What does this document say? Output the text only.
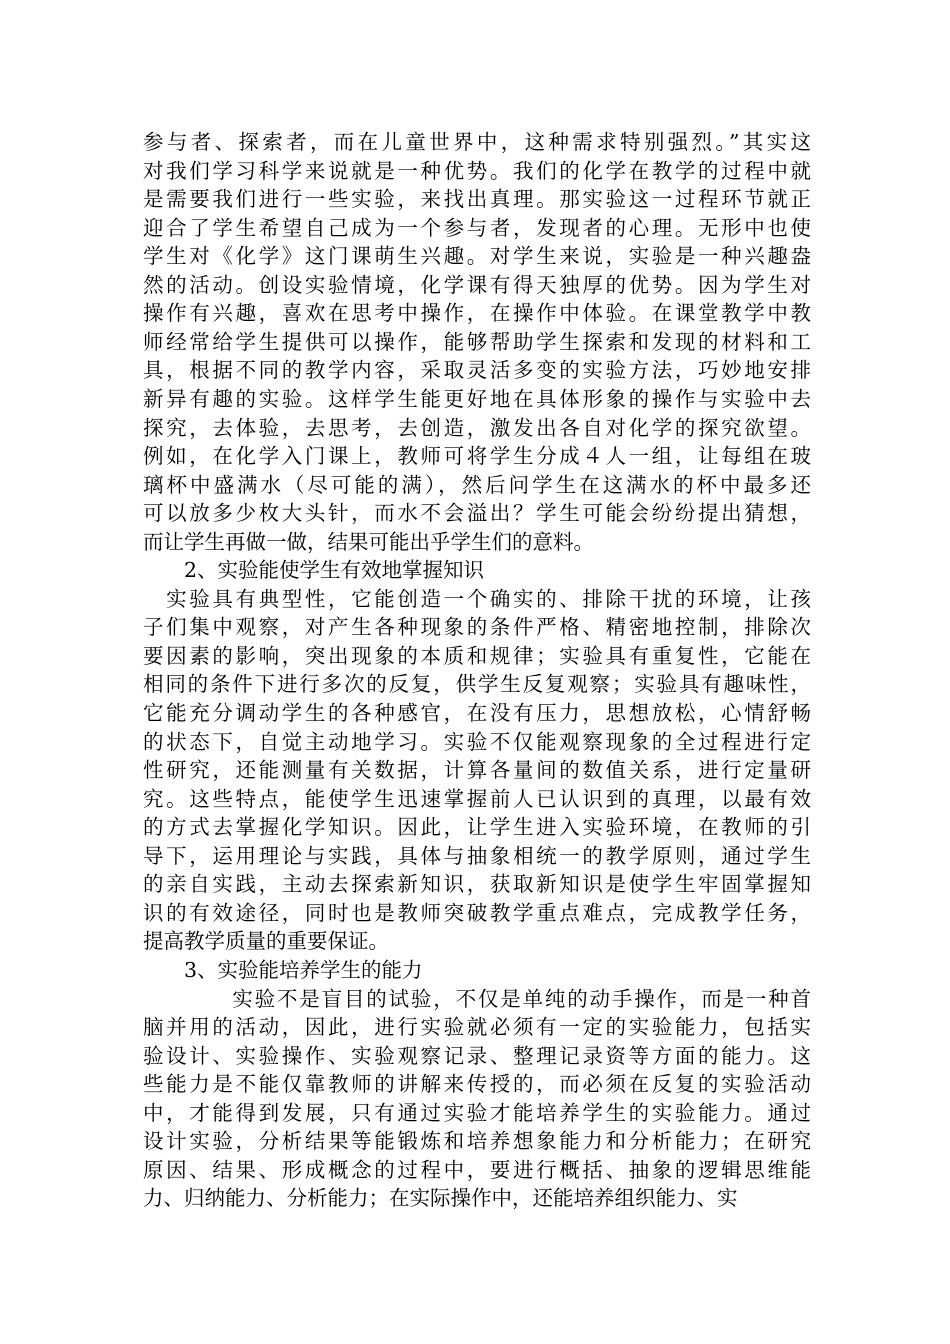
参与者、探索者，而在儿童世界中，这种需求特别强烈。”其实这
对我们学习科学来说就是一种优势。我们的化学在教学的过程中就
是需要我们进行一些实验，来找出真理。那实验这一过程环节就正
迎合了学生希望自己成为一个参与者，发现者的心理。无形中也使
学生对《化学》这门课萌生兴趣。对学生来说，实验是一种兴趣盎
然的活动。创设实验情境，化学课有得天独厚的优势。因为学生对
操作有兴趣，喜欢在思考中操作，在操作中体验。在课堂教学中教
师经常给学生提供可以操作，能够帮助学生探索和发现的材料和工
具，根据不同的教学内容，采取灵活多变的实验方法，巧妙地安排
新异有趣的实验。这样学生能更好地在具体形象的操作与实验中去
探究，去体验，去思考，去创造，激发出各自对化学的探究欲望。
例如，在化学入门课上，教师可将学生分成４人一组，让每组在玻
璃杯中盛满水（尽可能的满），然后问学生在这满水的杯中最多还
可以放多少枚大头针，而水不会溢出？学生可能会纷纷提出猜想，
而让学生再做一做，结果可能出乎学生们的意料。
　　2、实验能使学生有效地掌握知识
　实验具有典型性，它能创造一个确实的、排除干扰的环境，让孩
子们集中观察，对产生各种现象的条件严格、精密地控制，排除次
要因素的影响，突出现象的本质和规律；实验具有重复性，它能在
相同的条件下进行多次的反复，供学生反复观察；实验具有趣味性，
它能充分调动学生的各种感官，在没有压力，思想放松，心情舒畅
的状态下，自觉主动地学习。实验不仅能观察现象的全过程进行定
性研究，还能测量有关数据，计算各量间的数值关系，进行定量研
究。这些特点，能使学生迅速掌握前人已认识到的真理，以最有效
的方式去掌握化学知识。因此，让学生进入实验环境，在教师的引
导下，运用理论与实践，具体与抽象相统一的教学原则，通过学生
的亲自实践，主动去探索新知识，获取新知识是使学生牢固掌握知
识的有效途径，同时也是教师突破教学重点难点，完成教学任务，
提高教学质量的重要保证。
　　3、实验能培养学生的能力
　　　　实验不是盲目的试验，不仅是单纯的动手操作，而是一种首
脑并用的活动，因此，进行实验就必须有一定的实验能力，包括实
验设计、实验操作、实验观察记录、整理记录资等方面的能力。这
些能力是不能仅靠教师的讲解来传授的，而必须在反复的实验活动
中，才能得到发展，只有通过实验才能培养学生的实验能力。通过
设计实验，分析结果等能锻炼和培养想象能力和分析能力；在研究
原因、结果、形成概念的过程中，要进行概括、抽象的逻辑思维能
力、归纳能力、分析能力；在实际操作中，还能培养组织能力、实
